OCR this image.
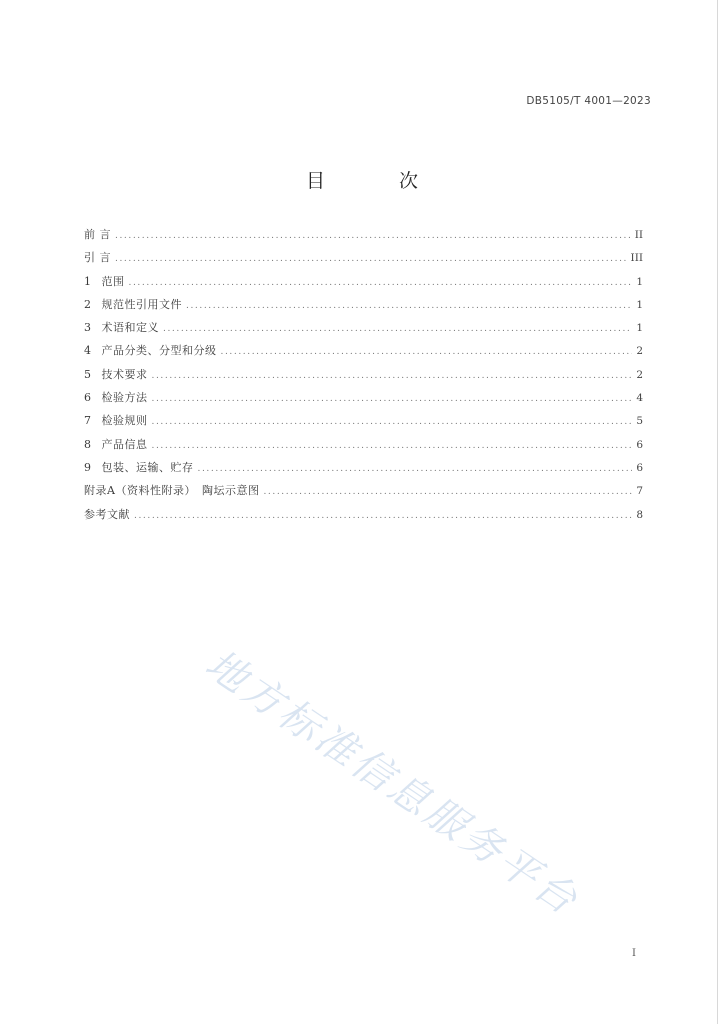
DB5105/T 4001—2023
目 次
前 言 .....	II
引 言 .....	III
1 范围 .....	1
2 规范性引用文件 .....	1
3 术语和定义 .....	1
4 产品分类、分型和分级 .....	2
5 技术要求 .....	2
6 检验方法 .....	4
7 检验规则 .....	5
8 产品信息 .....	6
9 包装、运输、贮存 .....	6
附录A（资料性附录）　陶坛示意图 .....	7
参考文献 .....	8
地方标准信息服务平台
I
